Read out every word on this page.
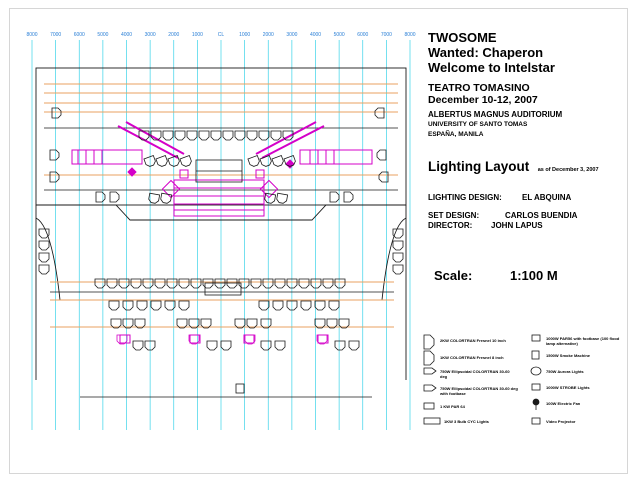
8000	7000	6000	5000	4000	3000	2000	1000	CL	1000	2000	3000	4000	5000	6000	7000	8000 TWOSOME
Wanted: Chaperon
Welcome to Intelstar
TEATRO TOMASINO
December 10-12, 2007
ALBERTUS MAGNUS AUDITORIUM
UNIVERSITY OF SANTO TOMAS
ESPAÑA, MANILA
Lighting Layout as of December 3, 2007
LIGHTING DESIGN:	EL ABQUINA
SET DESIGN:	CARLOS BUENDIA
DIRECTOR: JOHN LAPUS
Scale:	1:100 M
2KW COLORTRAN Fresnel 10 inch
1KW COLORTRAN Fresnel 8 inch
750W Ellipsoidal COLORTRAN 30-60 deg
750W Ellipsoidal COLORTRAN 30-60 deg with footbase
1 KW PAR 64
1KW 3 Bulb CYC Lights
1000W PAR56 with footbase (100 flood lamp alternative)
1500W Smoke Machine
750W Aurora Lights
1000W STROBE Lights
100W Electric Fan
Video Projector
